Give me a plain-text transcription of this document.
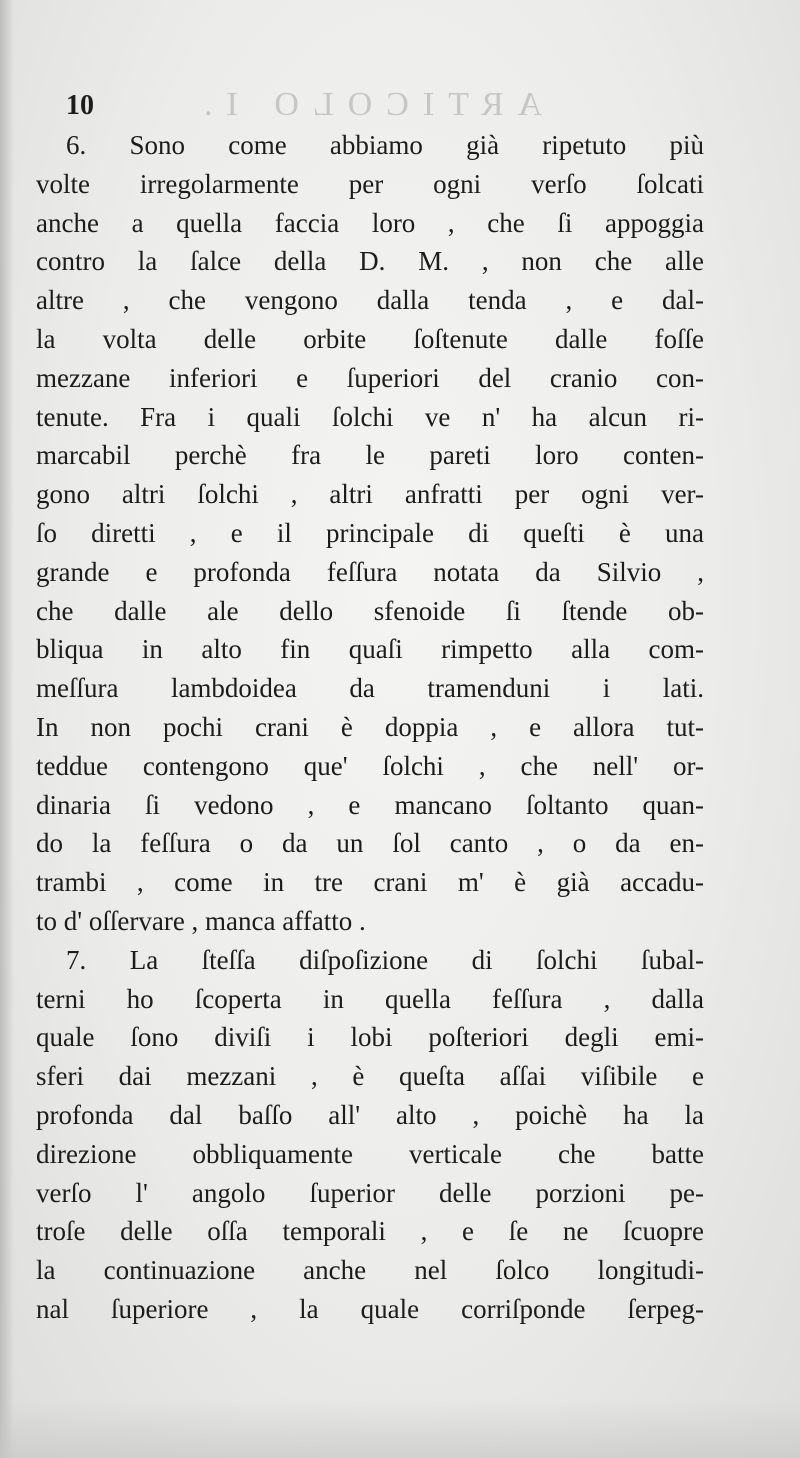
ARTICOLO I.
10
6. Sono come abbiamo già ripetuto più
volte irregolarmente per ogni verſo ſolcati
anche a quella faccia loro , che ſi appoggia
contro la ſalce della D. M. , non che alle
altre , che vengono dalla tenda , e dal-
la volta delle orbite ſoſtenute dalle foſſe
mezzane inferiori e ſuperiori del cranio con-
tenute. Fra i quali ſolchi ve n' ha alcun ri-
marcabil perchè fra le pareti loro conten-
gono altri ſolchi , altri anfratti per ogni ver-
ſo diretti , e il principale di queſti è una
grande e profonda feſſura notata da Silvio ,
che dalle ale dello sfenoide ſi ſtende ob-
bliqua in alto fin quaſi rimpetto alla com-
meſſura lambdoidea da tramenduni i lati.
In non pochi crani è doppia , e allora tut-
teddue contengono que' ſolchi , che nell' or-
dinaria ſi vedono , e mancano ſoltanto quan-
do la feſſura o da un ſol canto , o da en-
trambi , come in tre crani m' è già accadu-
to d' oſſervare , manca affatto .
7. La ſteſſa diſpoſizione di ſolchi ſubal-
terni ho ſcoperta in quella feſſura , dalla
quale ſono diviſi i lobi poſteriori degli emi-
sferi dai mezzani , è queſta aſſai viſibile e
profonda dal baſſo all' alto , poichè ha la
direzione obbliquamente verticale che batte
verſo l' angolo ſuperior delle porzioni pe-
troſe delle oſſa temporali , e ſe ne ſcuopre
la continuazione anche nel ſolco longitudi-
nal ſuperiore , la quale corriſponde ſerpeg-
